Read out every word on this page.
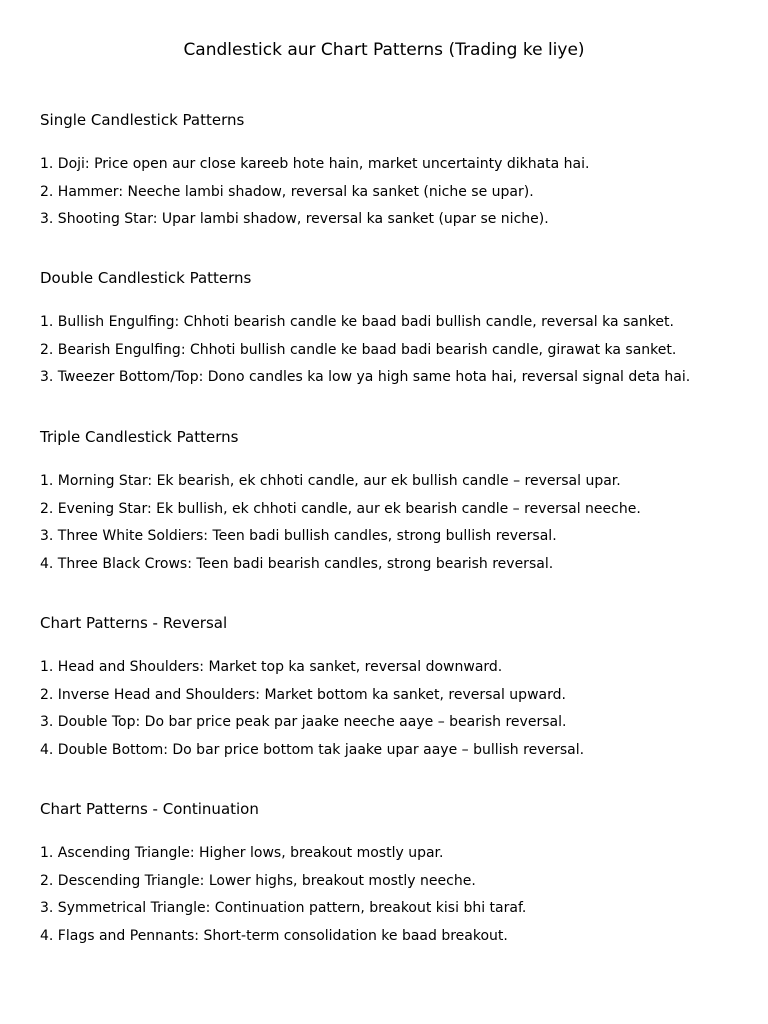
Candlestick aur Chart Patterns (Trading ke liye)
Single Candlestick Patterns
1. Doji: Price open aur close kareeb hote hain, market uncertainty dikhata hai.
2. Hammer: Neeche lambi shadow, reversal ka sanket (niche se upar).
3. Shooting Star: Upar lambi shadow, reversal ka sanket (upar se niche).
Double Candlestick Patterns
1. Bullish Engulfing: Chhoti bearish candle ke baad badi bullish candle, reversal ka sanket.
2. Bearish Engulfing: Chhoti bullish candle ke baad badi bearish candle, girawat ka sanket.
3. Tweezer Bottom/Top: Dono candles ka low ya high same hota hai, reversal signal deta hai.
Triple Candlestick Patterns
1. Morning Star: Ek bearish, ek chhoti candle, aur ek bullish candle – reversal upar.
2. Evening Star: Ek bullish, ek chhoti candle, aur ek bearish candle – reversal neeche.
3. Three White Soldiers: Teen badi bullish candles, strong bullish reversal.
4. Three Black Crows: Teen badi bearish candles, strong bearish reversal.
Chart Patterns - Reversal
1. Head and Shoulders: Market top ka sanket, reversal downward.
2. Inverse Head and Shoulders: Market bottom ka sanket, reversal upward.
3. Double Top: Do bar price peak par jaake neeche aaye – bearish reversal.
4. Double Bottom: Do bar price bottom tak jaake upar aaye – bullish reversal.
Chart Patterns - Continuation
1. Ascending Triangle: Higher lows, breakout mostly upar.
2. Descending Triangle: Lower highs, breakout mostly neeche.
3. Symmetrical Triangle: Continuation pattern, breakout kisi bhi taraf.
4. Flags and Pennants: Short-term consolidation ke baad breakout.
